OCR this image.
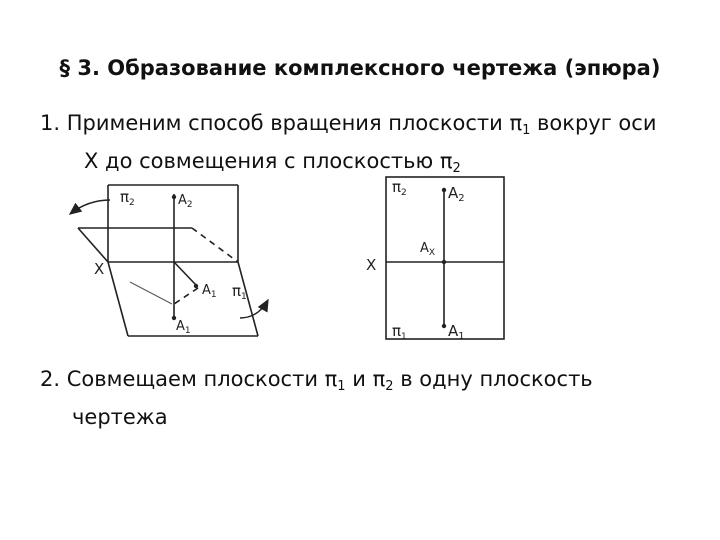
§ 3. Образование комплексного чертежа (эпюра)
1. Применим способ вращения плоскости $\pi_1$ вокруг оси
X до совмещения с плоскостью $\pi_2$
$\pi_2$	$A_2$
X
$A_1$ $\pi_1$
$A_1$
$\pi_2$	$A_2$
$A_X$
X
$\pi_1$	$A_1$
2. Совмещаем плоскости $\pi_1$ и $\pi_2$ в одну плоскость
чертежа
